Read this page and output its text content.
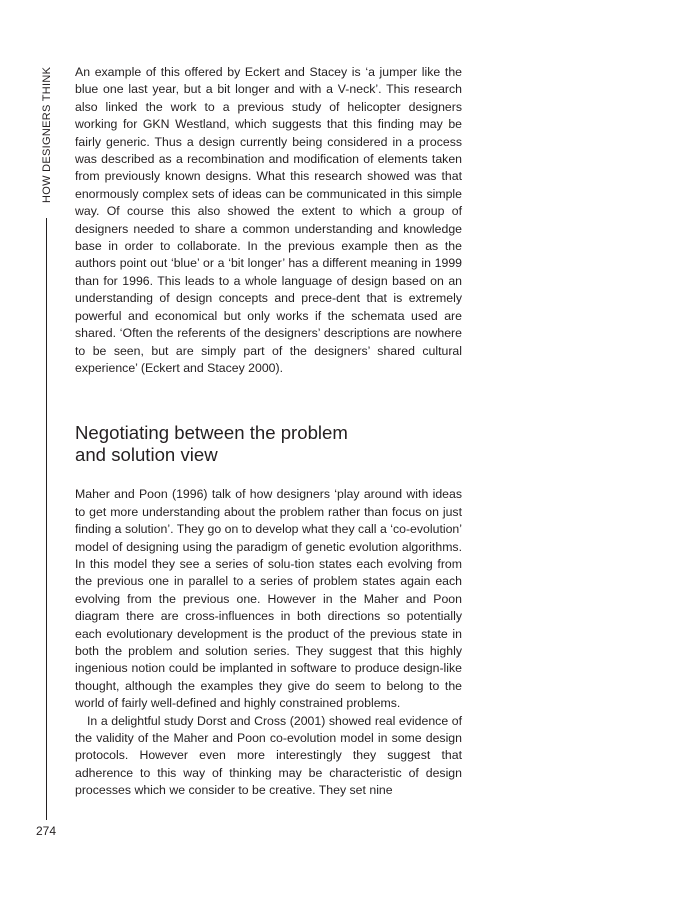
HOW DESIGNERS THINK
274

An example of this offered by Eckert and Stacey is ‘a jumper like the blue one last year, but a bit longer and with a V-neck’. This research also linked the work to a previous study of helicopter designers working for GKN Westland, which suggests that this finding may be fairly generic. Thus a design currently being considered in a process was described as a recombination and modification of elements taken from previously known designs. What this research showed was that enormously complex sets of ideas can be communicated in this simple way. Of course this also showed the extent to which a group of designers needed to share a common understanding and knowledge base in order to collaborate. In the previous example then as the authors point out ‘blue’ or a ‘bit longer’ has a different meaning in 1999 than for 1996. This leads to a whole language of design based on an understanding of design concepts and prece-dent that is extremely powerful and economical but only works if the schemata used are shared. ‘Often the referents of the designers’ descriptions are nowhere to be seen, but are simply part of the designers’ shared cultural experience’ (Eckert and Stacey 2000).

Negotiating between the problem and solution view

Maher and Poon (1996) talk of how designers ‘play around with ideas to get more understanding about the problem rather than focus on just finding a solution’. They go on to develop what they call a ‘co-evolution’ model of designing using the paradigm of genetic evolution algorithms. In this model they see a series of solu-tion states each evolving from the previous one in parallel to a series of problem states again each evolving from the previous one. However in the Maher and Poon diagram there are cross-influences in both directions so potentially each evolutionary development is the product of the previous state in both the problem and solution series. They suggest that this highly ingenious notion could be implanted in software to produce design-like thought, although the examples they give do seem to belong to the world of fairly well-defined and highly constrained problems.

In a delightful study Dorst and Cross (2001) showed real evidence of the validity of the Maher and Poon co-evolution model in some design protocols. However even more interestingly they suggest that adherence to this way of thinking may be characteristic of design processes which we consider to be creative. They set nine
